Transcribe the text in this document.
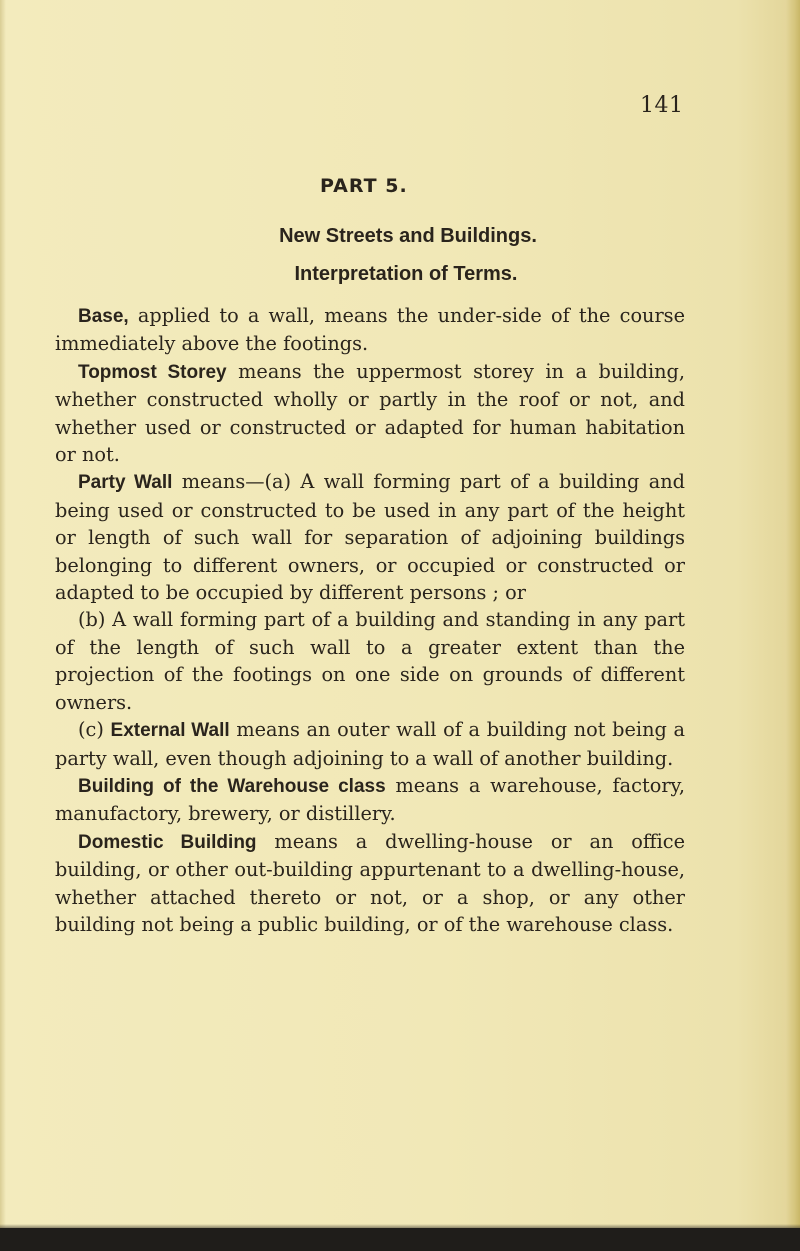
141
PART 5.
New Streets and Buildings.
Interpretation of Terms.

Base, applied to a wall, means the under-side of the course immediately above the footings.

Topmost Storey means the uppermost storey in a building, whether constructed wholly or partly in the roof or not, and whether used or constructed or adapted for human habitation or not.

Party Wall means—(a) A wall forming part of a building and being used or constructed to be used in any part of the height or length of such wall for separation of adjoining buildings belonging to different owners, or occupied or constructed or adapted to be occupied by different persons ; or

(b) A wall forming part of a building and standing in any part of the length of such wall to a greater extent than the projection of the footings on one side on grounds of different owners.

(c) External Wall means an outer wall of a building not being a party wall, even though adjoining to a wall of another building.

Building of the Warehouse class means a warehouse, factory, manufactory, brewery, or distillery.

Domestic Building means a dwelling-house or an office building, or other out-building appurtenant to a dwelling-house, whether attached thereto or not, or a shop, or any other building not being a public building, or of the warehouse class.
